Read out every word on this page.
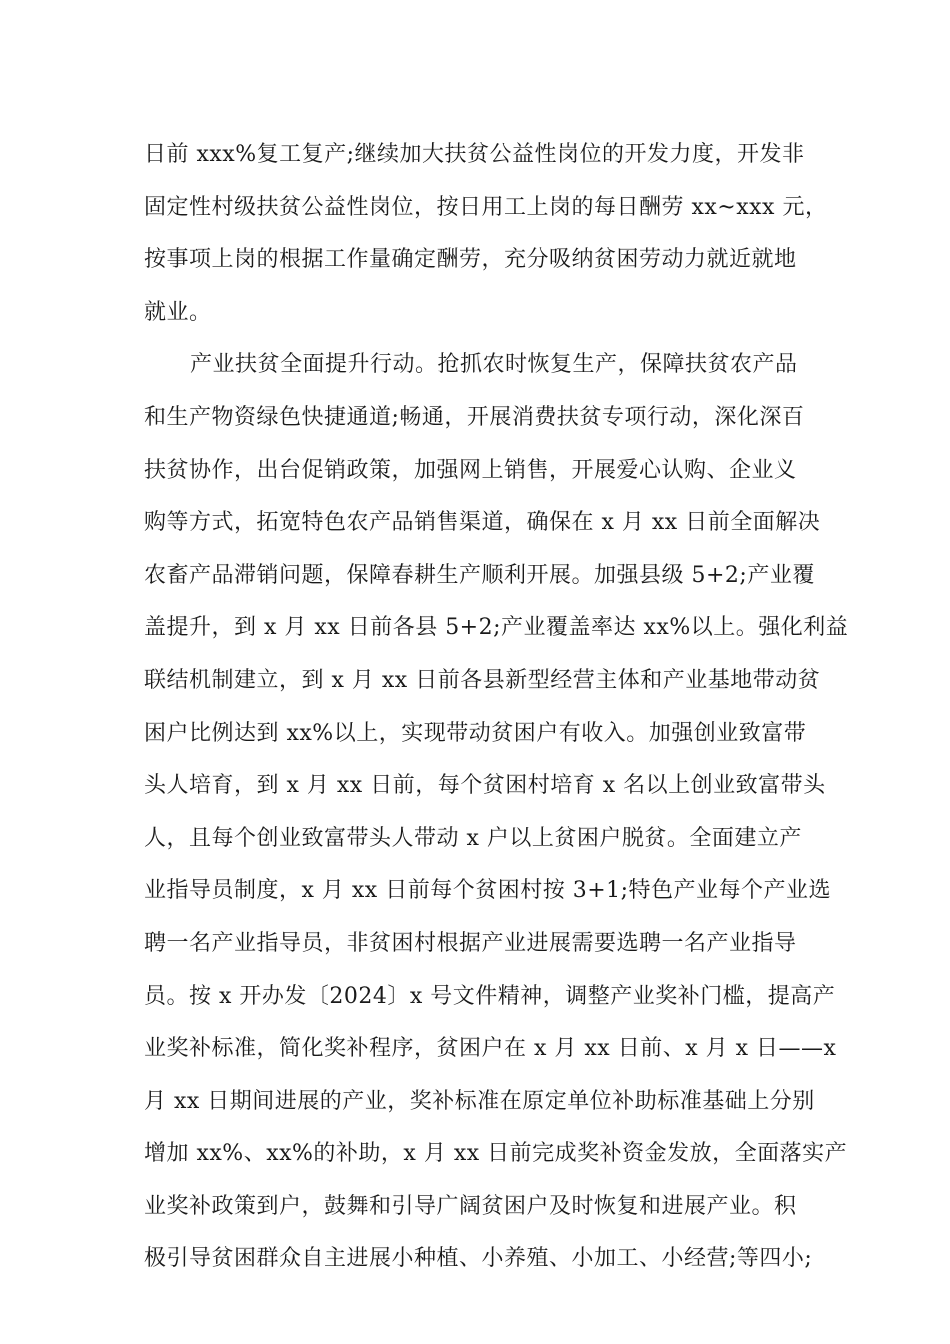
日前 xxx%复工复产;继续加大扶贫公益性岗位的开发力度，开发非
固定性村级扶贫公益性岗位，按日用工上岗的每日酬劳 xx~xxx 元，
按事项上岗的根据工作量确定酬劳，充分吸纳贫困劳动力就近就地
就业。
产业扶贫全面提升行动。抢抓农时恢复生产，保障扶贫农产品
和生产物资绿色快捷通道;畅通，开展消费扶贫专项行动，深化深百
扶贫协作，出台促销政策，加强网上销售，开展爱心认购、企业义
购等方式，拓宽特色农产品销售渠道，确保在 x 月 xx 日前全面解决
农畜产品滞销问题，保障春耕生产顺利开展。加强县级 5+2;产业覆
盖提升，到 x 月 xx 日前各县 5+2;产业覆盖率达 xx%以上。强化利益
联结机制建立，到 x 月 xx 日前各县新型经营主体和产业基地带动贫
困户比例达到 xx%以上，实现带动贫困户有收入。加强创业致富带
头人培育，到 x 月 xx 日前，每个贫困村培育 x 名以上创业致富带头
人，且每个创业致富带头人带动 x 户以上贫困户脱贫。全面建立产
业指导员制度，x 月 xx 日前每个贫困村按 3+1;特色产业每个产业选
聘一名产业指导员，非贫困村根据产业进展需要选聘一名产业指导
员。按 x 开办发〔2024〕x 号文件精神，调整产业奖补门槛，提高产
业奖补标准，简化奖补程序，贫困户在 x 月 xx 日前、x 月 x 日——x
月 xx 日期间进展的产业，奖补标准在原定单位补助标准基础上分别
增加 xx%、xx%的补助，x 月 xx 日前完成奖补资金发放，全面落实产
业奖补政策到户，鼓舞和引导广阔贫困户及时恢复和进展产业。积
极引导贫困群众自主进展小种植、小养殖、小加工、小经营;等四小;
